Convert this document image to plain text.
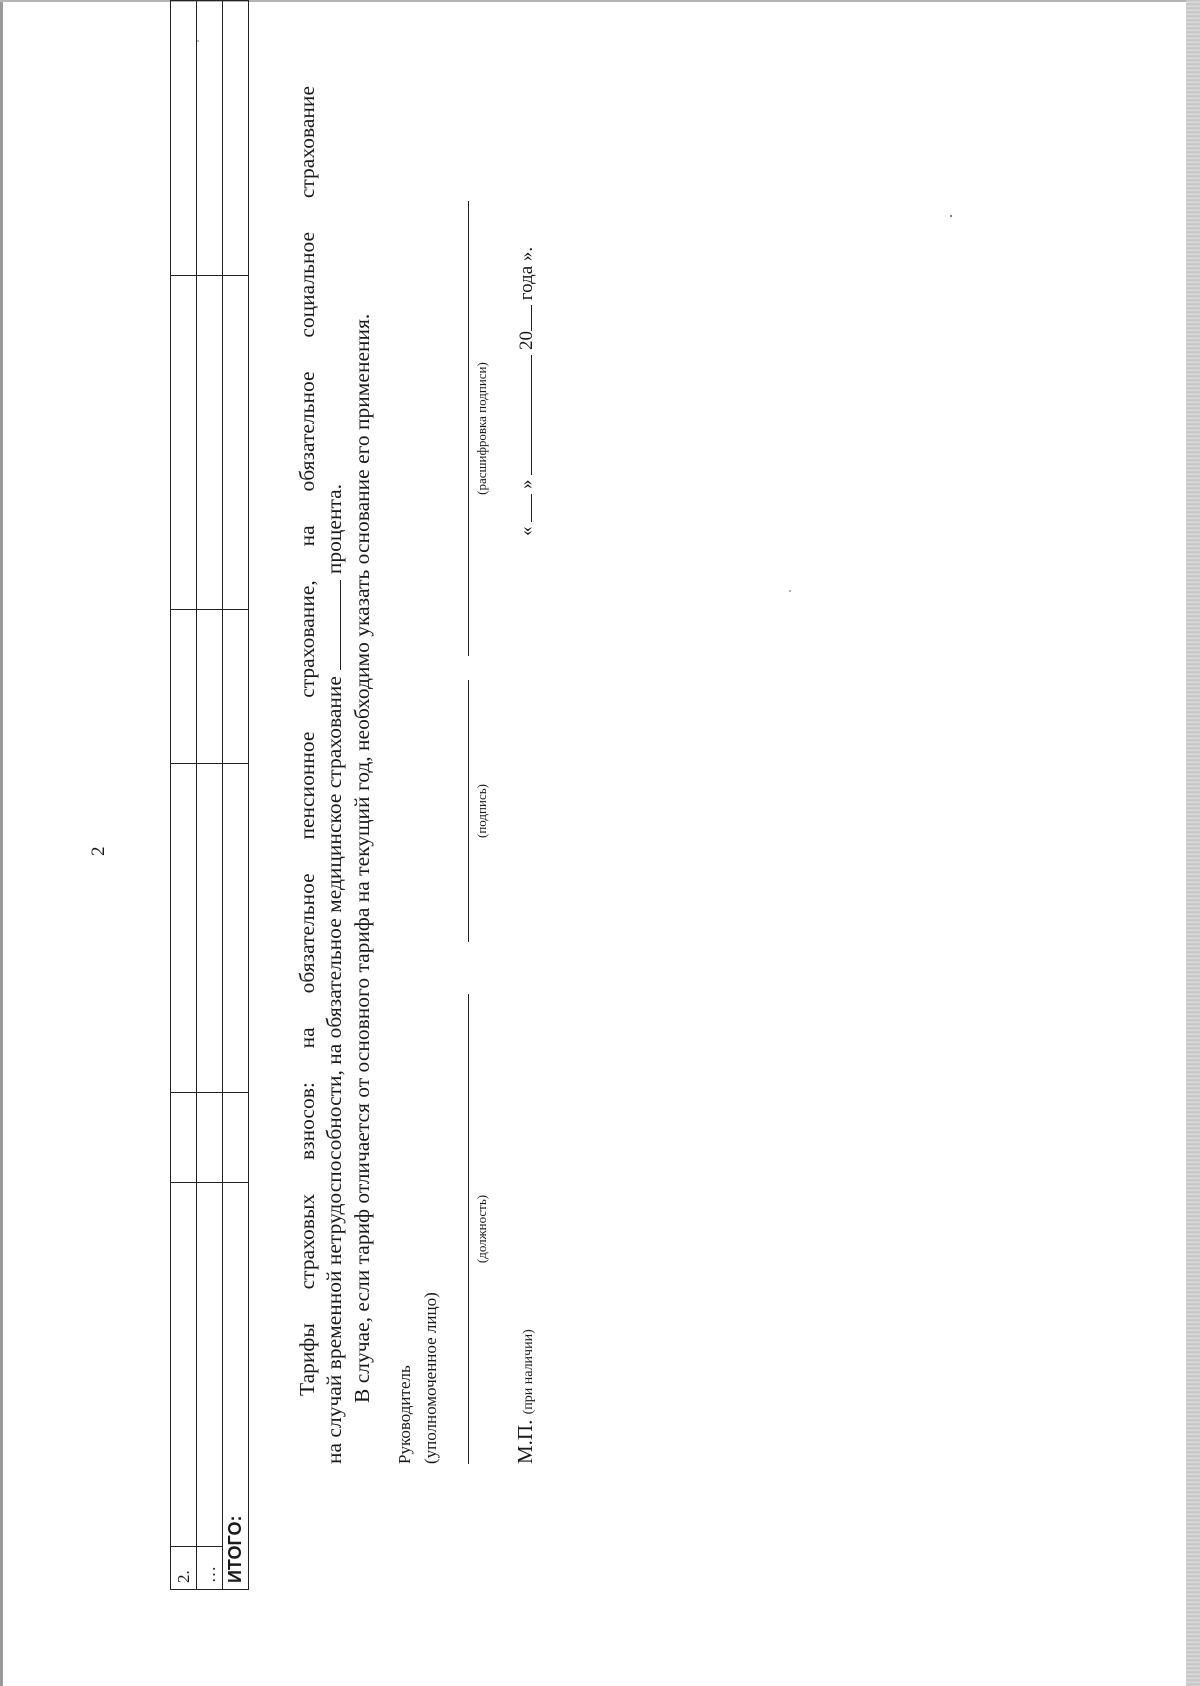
2
2.						
…						
ИТОГО:						
Тарифы страховых взносов: на обязательное пенсионное страхование, на обязательное социальное страхование на случай временной нетрудоспособности, на обязательное медицинское страхованиепроцента. В случае, если тариф отличается от основного тарифа на текущий год, необходимо указать основание его применения.
Руководитель (уполномоченное лицо)
(должность)
(подпись)
(расшифровка подписи)
М.П. (при наличии)
«  »  20 года ».
